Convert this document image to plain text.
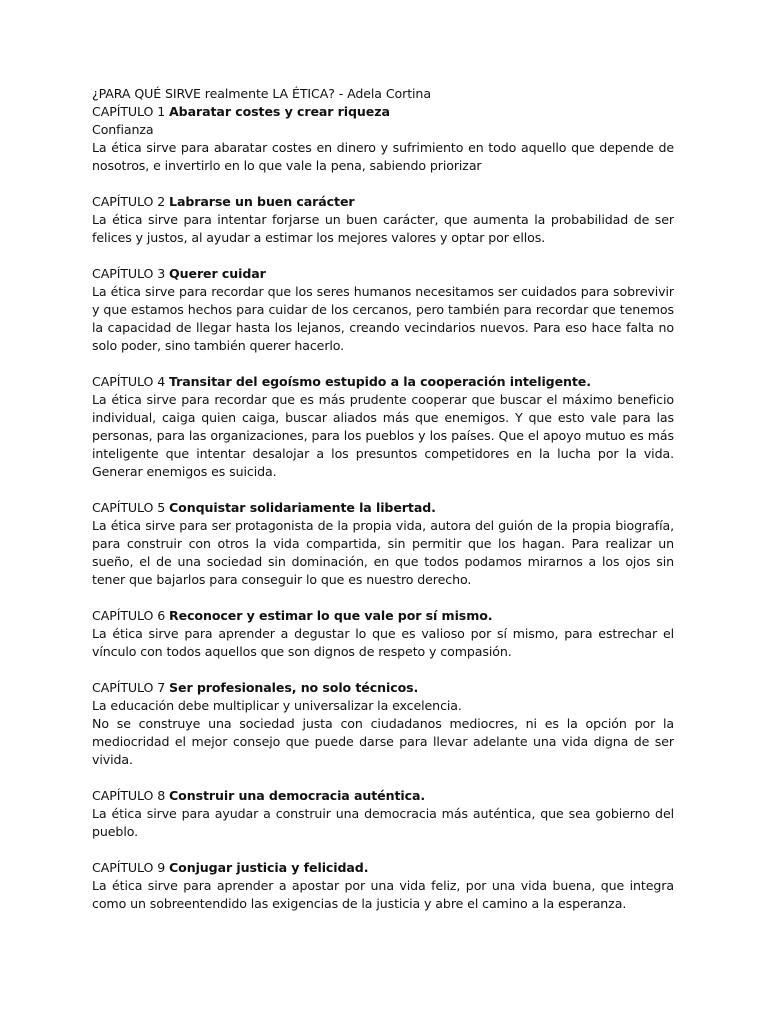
¿PARA QUÉ SIRVE realmente LA ÉTICA? - Adela Cortina

CAPÍTULO 1 Abaratar costes y crear riqueza

Confianza

La ética sirve para abaratar costes en dinero y sufrimiento en todo aquello que depende de nosotros, e invertirlo en lo que vale la pena, sabiendo priorizar

CAPÍTULO 2 Labrarse un buen carácter

La ética sirve para intentar forjarse un buen carácter, que aumenta la probabilidad de ser felices y justos, al ayudar a estimar los mejores valores y optar por ellos.

CAPÍTULO 3 Querer cuidar

La ética sirve para recordar que los seres humanos necesitamos ser cuidados para sobrevivir y que estamos hechos para cuidar de los cercanos, pero también para recordar que tenemos la capacidad de llegar hasta los lejanos, creando vecindarios nuevos. Para eso hace falta no solo poder, sino también querer hacerlo.

CAPÍTULO 4 Transitar del egoísmo estupido a la cooperación inteligente.

La ética sirve para recordar que es más prudente cooperar que buscar el máximo beneficio individual, caiga quien caiga, buscar aliados más que enemigos. Y que esto vale para las personas, para las organizaciones, para los pueblos y los países. Que el apoyo mutuo es más inteligente que intentar desalojar a los presuntos competidores en la lucha por la vida. Generar enemigos es suicida.

CAPÍTULO 5 Conquistar solidariamente la libertad.

La ética sirve para ser protagonista de la propia vida, autora del guión de la propia biografía, para construir con otros la vida compartida, sin permitir que los hagan. Para realizar un sueño, el de una sociedad sin dominación, en que todos podamos mirarnos a los ojos sin tener que bajarlos para conseguir lo que es nuestro derecho.

CAPÍTULO 6 Reconocer y estimar lo que vale por sí mismo.

La ética sirve para aprender a degustar lo que es valioso por sí mismo, para estrechar el vínculo con todos aquellos que son dignos de respeto y compasión.

CAPÍTULO 7 Ser profesionales, no solo técnicos.

La educación debe multiplicar y universalizar la excelencia.

No se construye una sociedad justa con ciudadanos mediocres, ni es la opción por la mediocridad el mejor consejo que puede darse para llevar adelante una vida digna de ser vivida.

CAPÍTULO 8 Construir una democracia auténtica.

La ética sirve para ayudar a construir una democracia más auténtica, que sea gobierno del pueblo.

CAPÍTULO 9 Conjugar justicia y felicidad.

La ética sirve para aprender a apostar por una vida feliz, por una vida buena, que integra como un sobreentendido las exigencias de la justicia y abre el camino a la esperanza.
